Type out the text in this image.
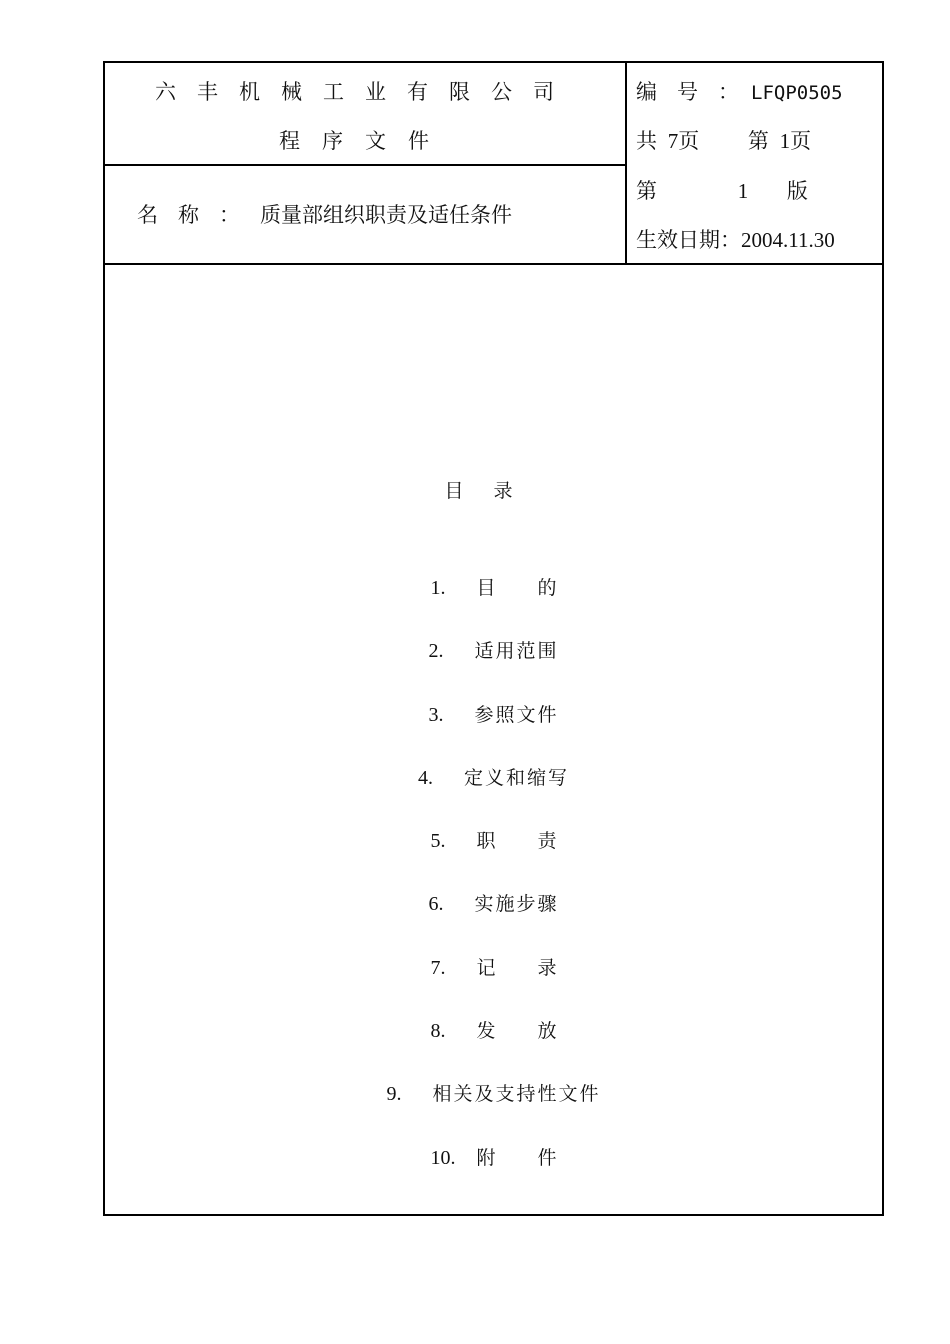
六丰机械工业有限公司
程序文件
名称：质量部组织职责及适任条件
编号：LFQP0505
共 7页 第 1页
第	1 版
生效日期：2004.11.30
目录
1.	目的
2.	适用范围
3.	参照文件
4.	定义和缩写
5.	职责
6.	实施步骤
7.	记录
8.	发放
9.	相关及支持性文件
10.	附件
